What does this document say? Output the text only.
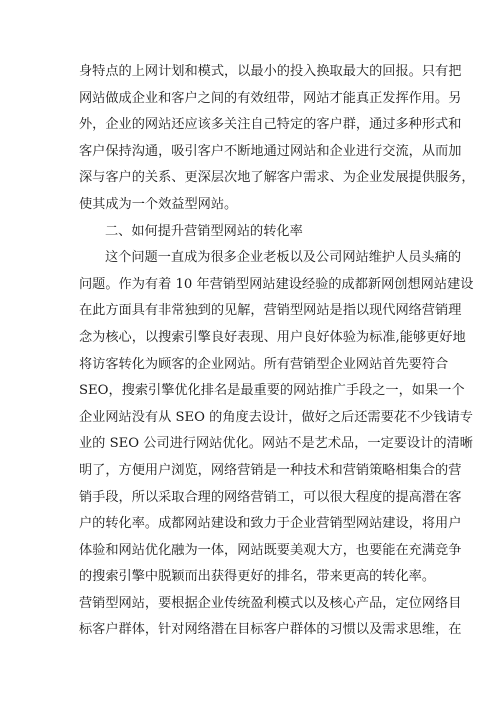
身特点的上网计划和模式，以最小的投入换取最大的回报。只有把
网站做成企业和客户之间的有效纽带，网站才能真正发挥作用。另
外，企业的网站还应该多关注自己特定的客户群，通过多种形式和
客户保持沟通，吸引客户不断地通过网站和企业进行交流，从而加
深与客户的关系、更深层次地了解客户需求、为企业发展提供服务，
使其成为一个效益型网站。
二、如何提升营销型网站的转化率
这个问题一直成为很多企业老板以及公司网站维护人员头痛的
问题。作为有着 10 年营销型网站建设经验的成都新网创想网站建设
在此方面具有非常独到的见解，营销型网站是指以现代网络营销理
念为核心，以搜索引擎良好表现、用户良好体验为标准,能够更好地
将访客转化为顾客的企业网站。所有营销型企业网站首先要符合
SEO，搜索引擎优化排名是最重要的网站推广手段之一，如果一个
企业网站没有从 SEO 的角度去设计，做好之后还需要花不少钱请专
业的 SEO 公司进行网站优化。网站不是艺术品，一定要设计的清晰
明了，方便用户浏览，网络营销是一种技术和营销策略相集合的营
销手段，所以采取合理的网络营销工，可以很大程度的提高潜在客
户的转化率。成都网站建设和致力于企业营销型网站建设，将用户
体验和网站优化融为一体，网站既要美观大方，也要能在充满竞争
的搜索引擎中脱颖而出获得更好的排名，带来更高的转化率。
营销型网站，要根据企业传统盈利模式以及核心产品，定位网络目
标客户群体，针对网络潜在目标客户群体的习惯以及需求思维，在
